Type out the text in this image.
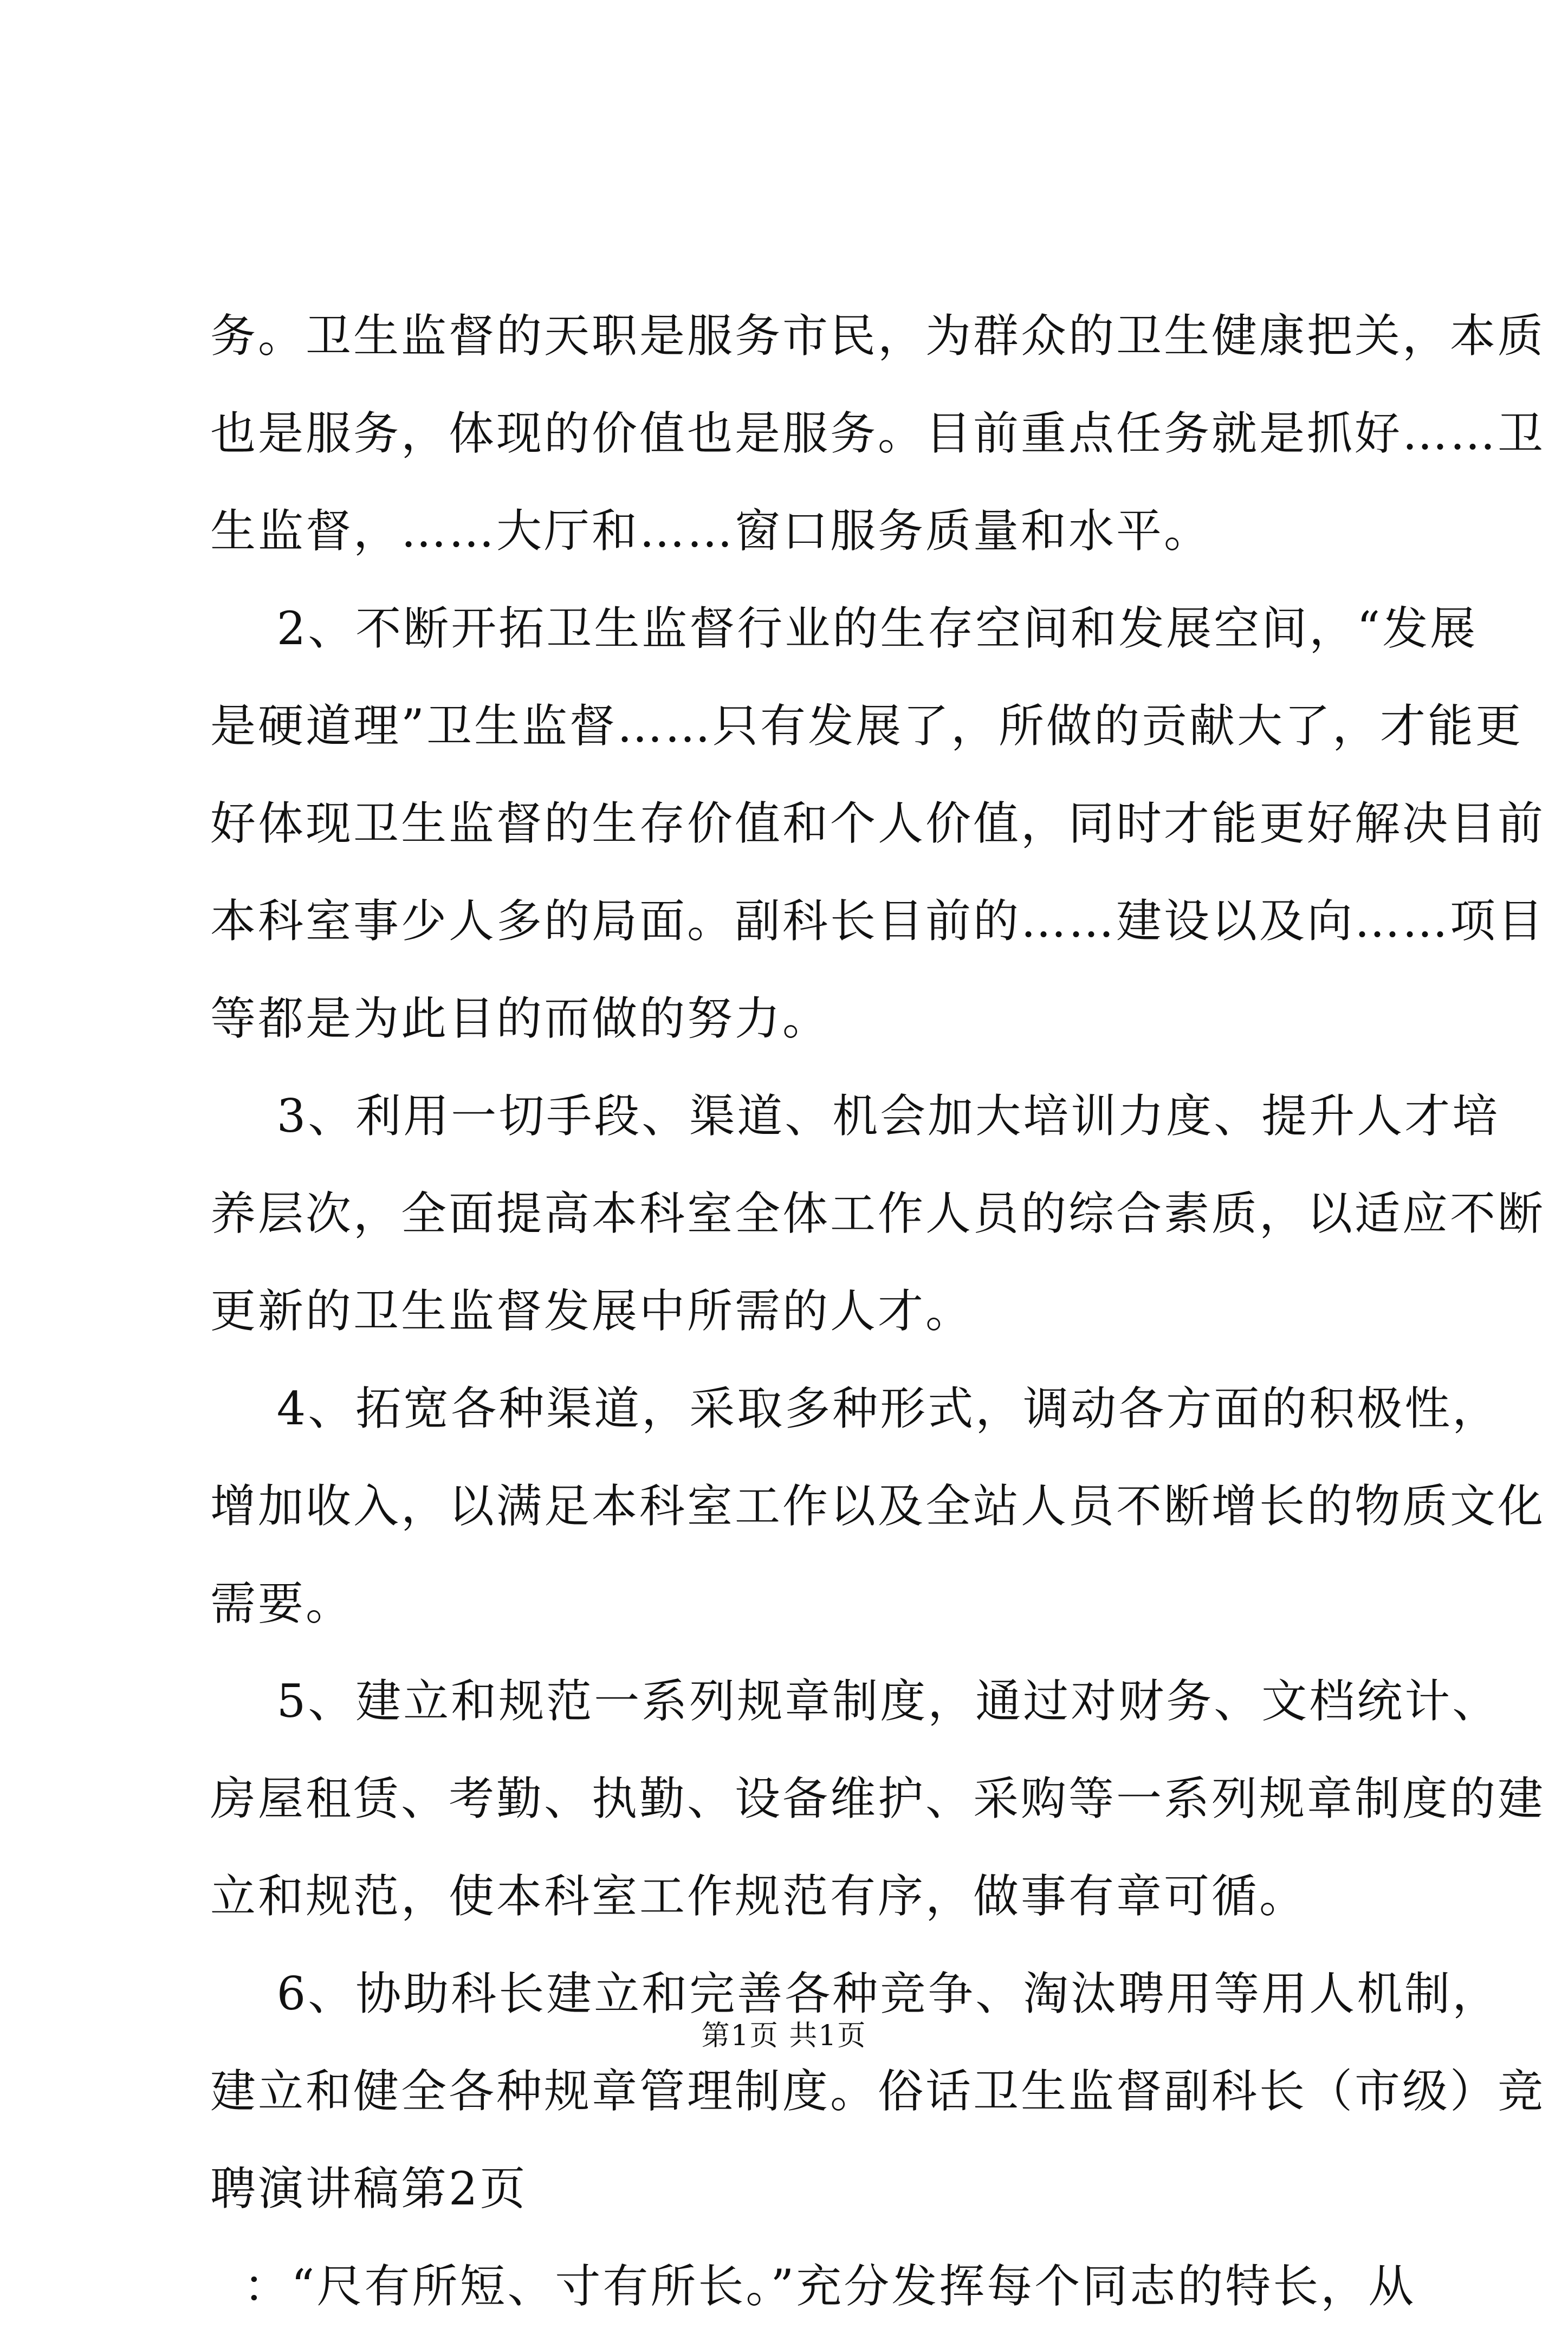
务。卫生监督的天职是服务市民，为群众的卫生健康把关，本质

也是服务，体现的价值也是服务。目前重点任务就是抓好……卫

生监督，……大厅和……窗口服务质量和水平。

2、不断开拓卫生监督行业的生存空间和发展空间，“发展

是硬道理”卫生监督……只有发展了，所做的贡献大了，才能更

好体现卫生监督的生存价值和个人价值，同时才能更好解决目前

本科室事少人多的局面。副科长目前的……建设以及向……项目

等都是为此目的而做的努力。

3、利用一切手段、渠道、机会加大培训力度、提升人才培

养层次，全面提高本科室全体工作人员的综合素质，以适应不断

更新的卫生监督发展中所需的人才。

4、拓宽各种渠道，采取多种形式，调动各方面的积极性，

增加收入，以满足本科室工作以及全站人员不断增长的物质文化

需要。

5、建立和规范一系列规章制度，通过对财务、文档统计、

房屋租赁、考勤、执勤、设备维护、采购等一系列规章制度的建

立和规范，使本科室工作规范有序，做事有章可循。

6、协助科长建立和完善各种竞争、淘汰聘用等用人机制，

建立和健全各种规章管理制度。俗话卫生监督副科长（市级）竞

聘演讲稿第2页

：“尺有所短、寸有所长。”充分发挥每个同志的特长，从

第1页 共1页
